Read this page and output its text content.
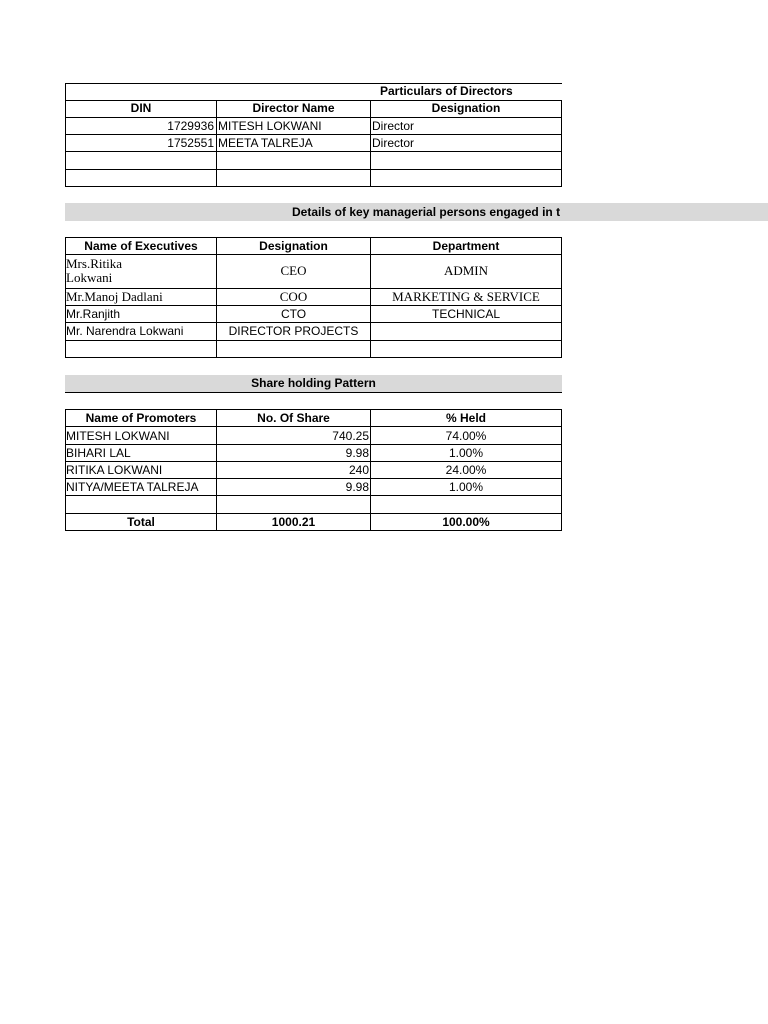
Particulars of Directors
DIN	Director Name	Designation
1729936 MITESH LOKWANI	Director
1752551 MEETA TALREJA	Director
Details of key managerial persons engaged in t
Name of Executives	Designation	Department
Mrs.Ritika
Lokwani	CEO	ADMIN
Mr.Manoj Dadlani	COO	MARKETING & SERVICE
Mr.Ranjith	CTO	TECHNICAL
Mr. Narendra Lokwani	DIRECTOR PROJECTS
Share holding Pattern
Name of Promoters	No. Of Share	% Held
MITESH LOKWANI	740.25	74.00%
BIHARI LAL	9.98	1.00%
RITIKA LOKWANI	240	24.00%
NITYA/MEETA TALREJA	9.98	1.00%
Total	1000.21	100.00%
